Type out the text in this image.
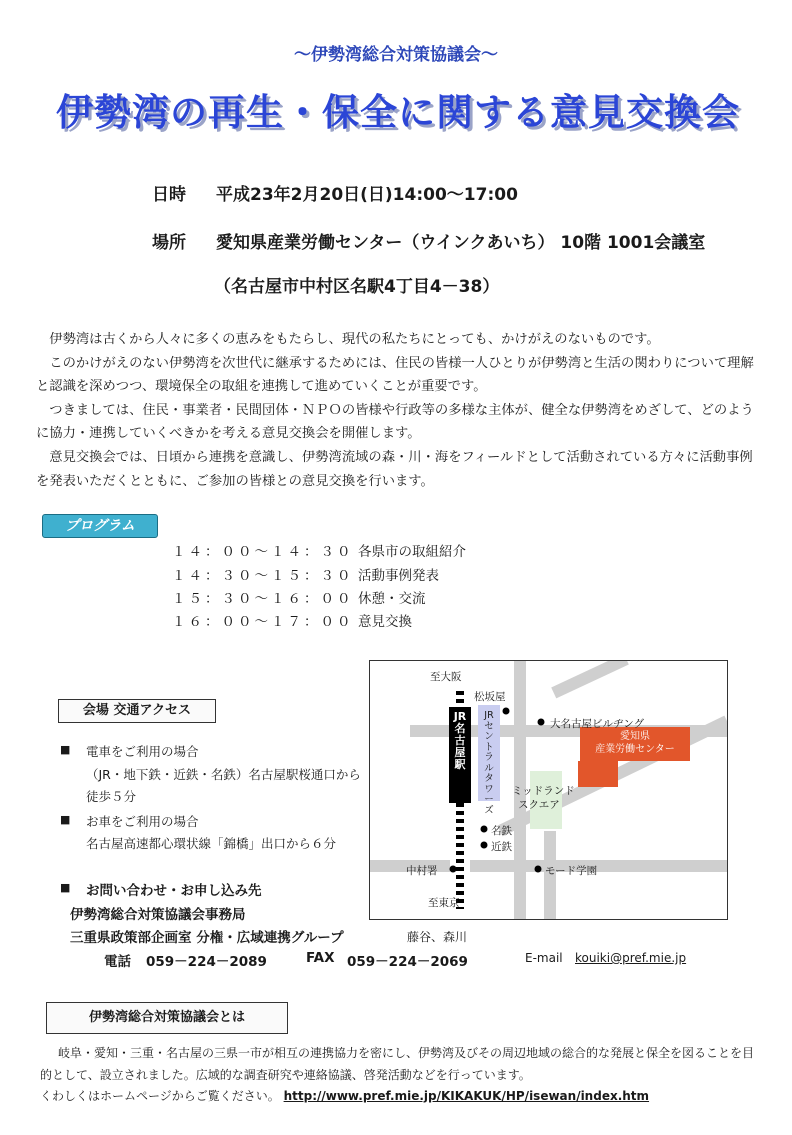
～伊勢湾総合対策協議会～
伊勢湾の再生・保全に関する意見交換会
日時 平成23年2月20日(日)14:00～17:00
場所 愛知県産業労働センター（ウインクあいち） 10階 1001会議室
（名古屋市中村区名駅4丁目4－38）

伊勢湾は古くから人々に多くの恵みをもたらし、現代の私たちにとっても、かけがえのないものです。

このかけがえのない伊勢湾を次世代に継承するためには、住民の皆様一人ひとりが伊勢湾と生活の関わりについて理解と認識を深めつつ、環境保全の取組を連携して進めていくことが重要です。

つきましては、住民・事業者・民間団体・ＮＰＯの皆様や行政等の多様な主体が、健全な伊勢湾をめざして、どのように協力・連携していくべきかを考える意見交換会を開催します。

意見交換会では、日頃から連携を意識し、伊勢湾流域の森・川・海をフィールドとして活動されている方々に活動事例を発表いただくとともに、ご参加の皆様との意見交換を行います。

プログラム
１４：００～１４：３０ 各県市の取組紹介
１４：３０～１５：３０ 活動事例発表
１５：３０～１６：００ 休憩・交流
１６：００～１７：００ 意見交換
会場 交通アクセス
■ 電車をご利用の場合
（JR・地下鉄・近鉄・名鉄）名古屋駅桜通口から
徒歩５分
■ お車をご利用の場合
名古屋高速都心環状線「錦橋」出口から６分
至大阪
至東京
JR名古屋駅
松坂屋
JRセントラルタワーズ
大名古屋ビルヂング
愛知県
産業労働センター
ミッドランド
スクエア
名鉄
近鉄
モード学園
中村署
■ お問い合わせ・お申し込み先
伊勢湾総合対策協議会事務局
三重県政策部企画室 分権・広域連携グループ	藤谷、森川
電話 059－224－2089	FAX 059－224－2069	E-mail kouiki@pref.mie.jp
伊勢湾総合対策協議会とは

岐阜・愛知・三重・名古屋の三県一市が相互の連携協力を密にし、伊勢湾及びその周辺地域の総合的な発展と保全を図ることを目的として、設立されました。広域的な調査研究や連絡協議、啓発活動などを行っています。

くわしくはホームページからご覧ください。 http://www.pref.mie.jp/KIKAKUK/HP/isewan/index.htm
